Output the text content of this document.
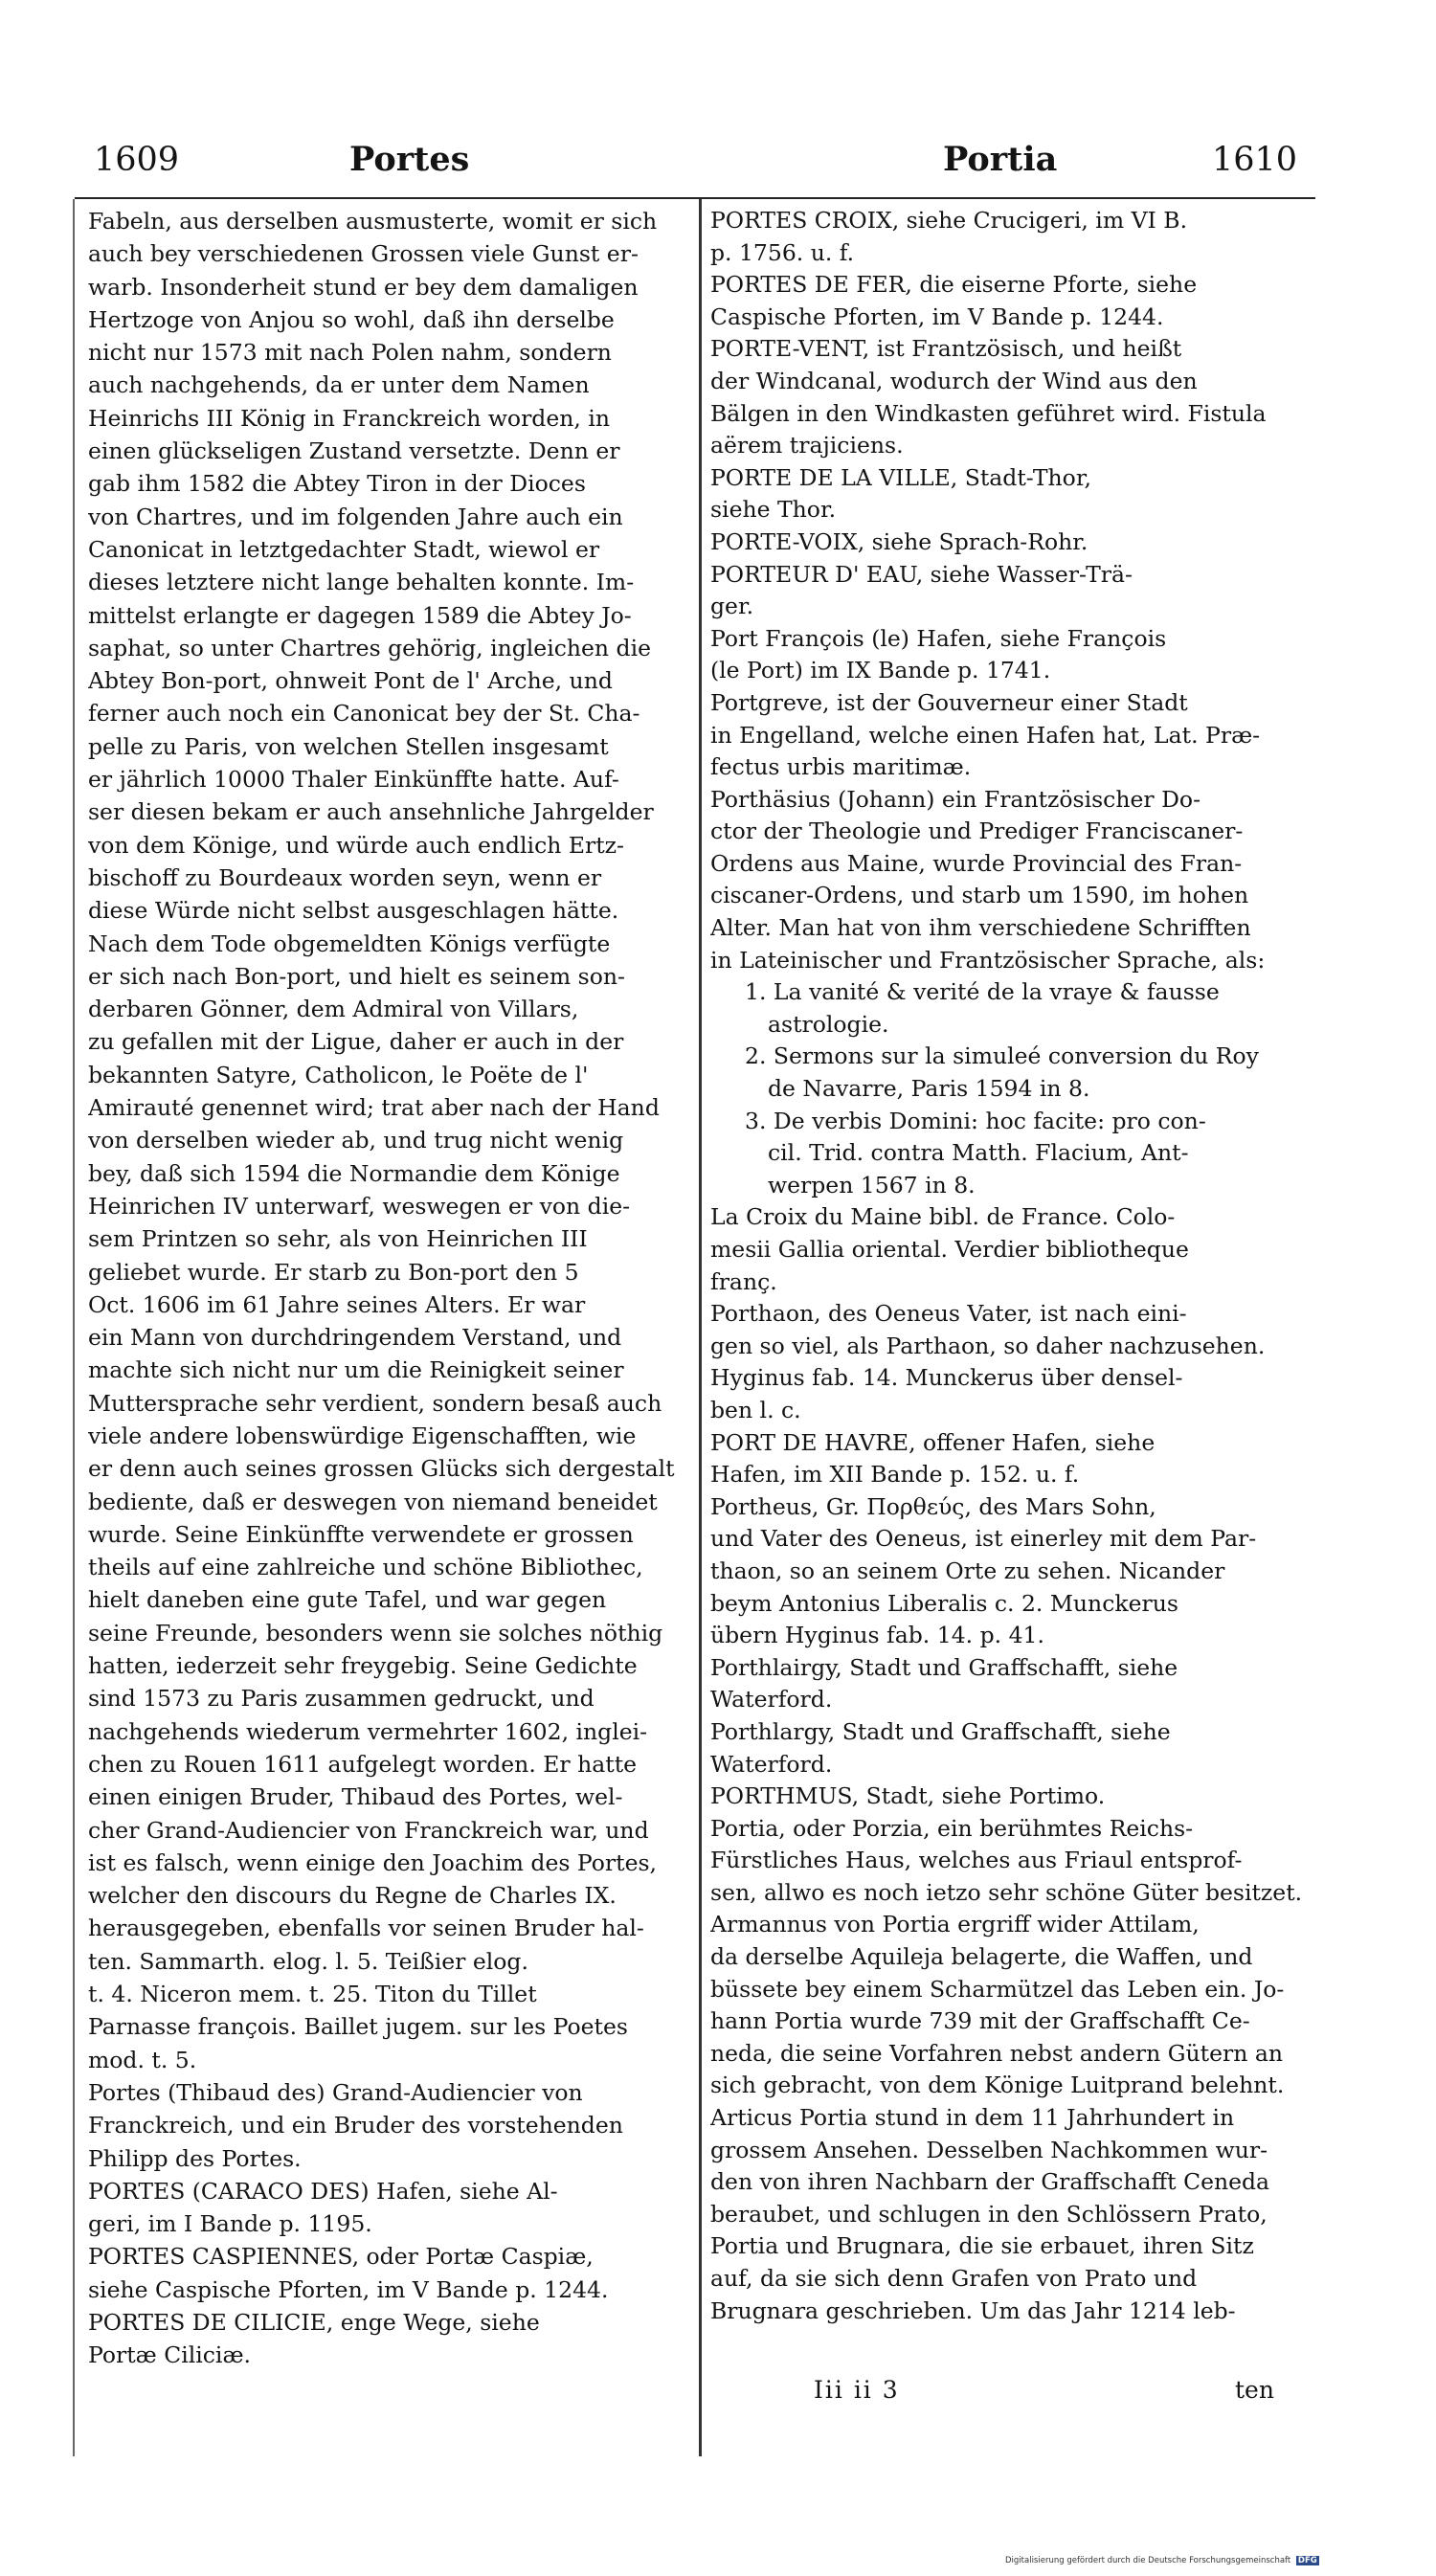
1609	Portes	Portia	1610
Fabeln, aus derselben ausmusterte, womit er sich
auch bey verschiedenen Grossen viele Gunst er-
warb. Insonderheit stund er bey dem damaligen
Hertzoge von Anjou so wohl, daß ihn derselbe
nicht nur 1573 mit nach Polen nahm, sondern
auch nachgehends, da er unter dem Namen
Heinrichs III König in Franckreich worden, in
einen glückseligen Zustand versetzte. Denn er
gab ihm 1582 die Abtey Tiron in der Dioces
von Chartres, und im folgenden Jahre auch ein
Canonicat in letztgedachter Stadt, wiewol er
dieses letztere nicht lange behalten konnte. Im-
mittelst erlangte er dagegen 1589 die Abtey Jo-
saphat, so unter Chartres gehörig, ingleichen die
Abtey Bon-port, ohnweit Pont de l' Arche, und
ferner auch noch ein Canonicat bey der St. Cha-
pelle zu Paris, von welchen Stellen insgesamt
er jährlich 10000 Thaler Einkünffte hatte. Auf-
ser diesen bekam er auch ansehnliche Jahrgelder
von dem Könige, und würde auch endlich Ertz-
bischoff zu Bourdeaux worden seyn, wenn er
diese Würde nicht selbst ausgeschlagen hätte.
Nach dem Tode obgemeldten Königs verfügte
er sich nach Bon-port, und hielt es seinem son-
derbaren Gönner, dem Admiral von Villars,
zu gefallen mit der Ligue, daher er auch in der
bekannten Satyre, Catholicon, le Poëte de l'
Amirauté genennet wird; trat aber nach der Hand
von derselben wieder ab, und trug nicht wenig
bey, daß sich 1594 die Normandie dem Könige
Heinrichen IV unterwarf, weswegen er von die-
sem Printzen so sehr, als von Heinrichen III
geliebet wurde. Er starb zu Bon-port den 5
Oct. 1606 im 61 Jahre seines Alters. Er war
ein Mann von durchdringendem Verstand, und
machte sich nicht nur um die Reinigkeit seiner
Muttersprache sehr verdient, sondern besaß auch
viele andere lobenswürdige Eigenschafften, wie
er denn auch seines grossen Glücks sich dergestalt
bediente, daß er deswegen von niemand beneidet
wurde. Seine Einkünffte verwendete er grossen
theils auf eine zahlreiche und schöne Bibliothec,
hielt daneben eine gute Tafel, und war gegen
seine Freunde, besonders wenn sie solches nöthig
hatten, iederzeit sehr freygebig. Seine Gedichte
sind 1573 zu Paris zusammen gedruckt, und
nachgehends wiederum vermehrter 1602, inglei-
chen zu Rouen 1611 aufgelegt worden. Er hatte
einen einigen Bruder, Thibaud des Portes, wel-
cher Grand-Audiencier von Franckreich war, und
ist es falsch, wenn einige den Joachim des Portes,
welcher den discours du Regne de Charles IX.
herausgegeben, ebenfalls vor seinen Bruder hal-
ten. Sammarth. elog. l. 5. Teißier elog.
t. 4. Niceron mem. t. 25. Titon du Tillet
Parnasse françois. Baillet jugem. sur les Poetes
mod. t. 5.
Portes (Thibaud des) Grand-Audiencier von
Franckreich, und ein Bruder des vorstehenden
Philipp des Portes.
PORTES (CARACO DES) Hafen, siehe Al-
geri, im I Bande p. 1195.
PORTES CASPIENNES, oder Portæ Caspiæ,
siehe Caspische Pforten, im V Bande p. 1244.
PORTES DE CILICIE, enge Wege, siehe
Portæ Ciliciæ.
PORTES CROIX, siehe Crucigeri, im VI B.
p. 1756. u. f.
PORTES DE FER, die eiserne Pforte, siehe
Caspische Pforten, im V Bande p. 1244.
PORTE-VENT, ist Frantzösisch, und heißt
der Windcanal, wodurch der Wind aus den
Bälgen in den Windkasten geführet wird. Fistula
aërem trajiciens.
PORTE DE LA VILLE, Stadt-Thor,
siehe Thor.
PORTE-VOIX, siehe Sprach-Rohr.
PORTEUR D' EAU, siehe Wasser-Trä-
ger.
Port François (le) Hafen, siehe François
(le Port) im IX Bande p. 1741.
Portgreve, ist der Gouverneur einer Stadt
in Engelland, welche einen Hafen hat, Lat. Præ-
fectus urbis maritimæ.
Porthäsius (Johann) ein Frantzösischer Do-
ctor der Theologie und Prediger Franciscaner-
Ordens aus Maine, wurde Provincial des Fran-
ciscaner-Ordens, und starb um 1590, im hohen
Alter. Man hat von ihm verschiedene Schrifften
in Lateinischer und Frantzösischer Sprache, als:
1. La vanité & verité de la vraye & fausse
astrologie.
2. Sermons sur la simuleé conversion du Roy
de Navarre, Paris 1594 in 8.
3. De verbis Domini: hoc facite: pro con-
cil. Trid. contra Matth. Flacium, Ant-
werpen 1567 in 8.
La Croix du Maine bibl. de France. Colo-
mesii Gallia oriental. Verdier bibliotheque
franç.
Porthaon, des Oeneus Vater, ist nach eini-
gen so viel, als Parthaon, so daher nachzusehen.
Hyginus fab. 14. Munckerus über densel-
ben l. c.
PORT DE HAVRE, offener Hafen, siehe
Hafen, im XII Bande p. 152. u. f.
Portheus, Gr. Πορθεύς, des Mars Sohn,
und Vater des Oeneus, ist einerley mit dem Par-
thaon, so an seinem Orte zu sehen. Nicander
beym Antonius Liberalis c. 2. Munckerus
übern Hyginus fab. 14. p. 41.
Porthlairgy, Stadt und Graffschafft, siehe
Waterford.
Porthlargy, Stadt und Graffschafft, siehe
Waterford.
PORTHMUS, Stadt, siehe Portimo.
Portia, oder Porzia, ein berühmtes Reichs-
Fürstliches Haus, welches aus Friaul entsprof-
sen, allwo es noch ietzo sehr schöne Güter besitzet.
Armannus von Portia ergriff wider Attilam,
da derselbe Aquileja belagerte, die Waffen, und
büssete bey einem Scharmützel das Leben ein. Jo-
hann Portia wurde 739 mit der Graffschafft Ce-
neda, die seine Vorfahren nebst andern Gütern an
sich gebracht, von dem Könige Luitprand belehnt.
Articus Portia stund in dem 11 Jahrhundert in
grossem Ansehen. Desselben Nachkommen wur-
den von ihren Nachbarn der Graffschafft Ceneda
beraubet, und schlugen in den Schlössern Prato,
Portia und Brugnara, die sie erbauet, ihren Sitz
auf, da sie sich denn Grafen von Prato und
Brugnara geschrieben. Um das Jahr 1214 leb-
Iii ii 3	ten
Digitalisierung gefördert durch die Deutsche Forschungsgemeinschaft DFG
